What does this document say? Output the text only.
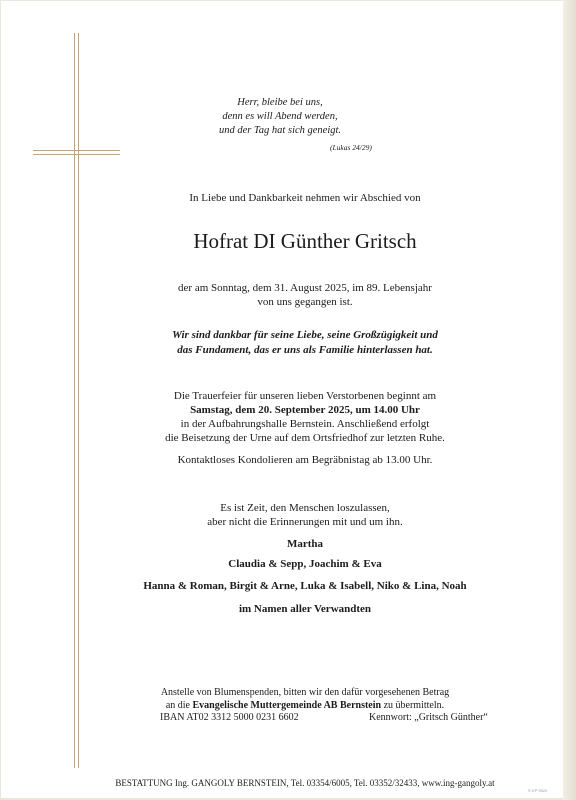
Herr, bleibe bei uns,
denn es will Abend werden,
und der Tag hat sich geneigt.
(Lukas 24/29)
In Liebe und Dankbarkeit nehmen wir Abschied von
Hofrat DI Günther Gritsch
der am Sonntag, dem 31. August 2025, im 89. Lebensjahr
von uns gegangen ist.
Wir sind dankbar für seine Liebe, seine Großzügigkeit und
das Fundament, das er uns als Familie hinterlassen hat.
Die Trauerfeier für unseren lieben Verstorbenen beginnt am
Samstag, dem 20. September 2025, um 14.00 Uhr
in der Aufbahrungshalle Bernstein. Anschließend erfolgt
die Beisetzung der Urne auf dem Ortsfriedhof zur letzten Ruhe.
Kontaktloses Kondolieren am Begräbnistag ab 13.00 Uhr.
Es ist Zeit, den Menschen loszulassen,
aber nicht die Erinnerungen mit und um ihn.
Martha
Claudia & Sepp, Joachim & Eva
Hanna & Roman, Birgit & Arne, Luka & Isabell, Niko & Lina, Noah
im Namen aller Verwandten
Anstelle von Blumenspenden, bitten wir den dafür vorgesehenen Betrag
an die Evangelische Muttergemeinde AB Bernstein zu übermitteln.
IBAN AT02 3312 5000 0231 6602	Kennwort: „Gritsch Günther“
BESTATTUNG Ing. GANGOLY BERNSTEIN, Tel. 03354/6005, Tel. 03352/32433, www.ing-gangoly.at
© EP 9520
